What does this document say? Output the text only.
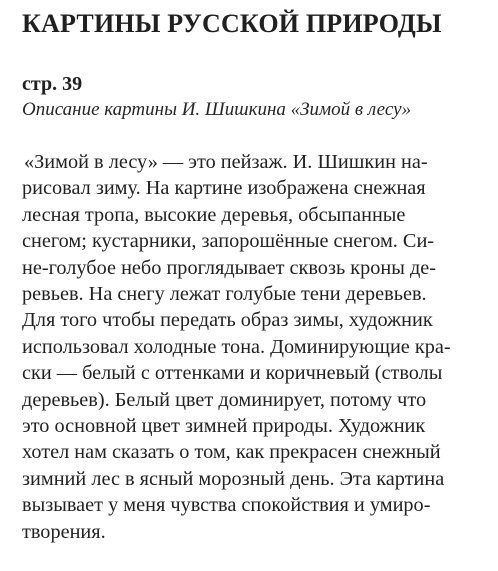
КАРТИНЫ РУССКОЙ ПРИРОДЫ
стр. 39
Описание картины И. Шишкина «Зимой в лесу»
«Зимой в лесу» — это пейзаж. И. Шишкин на-
рисовал зиму. На картине изображена снежная
лесная тропа, высокие деревья, обсыпанные
снегом; кустарники, запорошённые снегом. Си-
не-голубое небо проглядывает сквозь кроны де-
ревьев. На снегу лежат голубые тени деревьев.
Для того чтобы передать образ зимы, художник
использовал холодные тона. Доминирующие кра-
ски — белый с оттенками и коричневый (стволы
деревьев). Белый цвет доминирует, потому что
это основной цвет зимней природы. Художник
хотел нам сказать о том, как прекрасен снежный
зимний лес в ясный морозный день. Эта картина
вызывает у меня чувства спокойствия и умиро-
творения.
